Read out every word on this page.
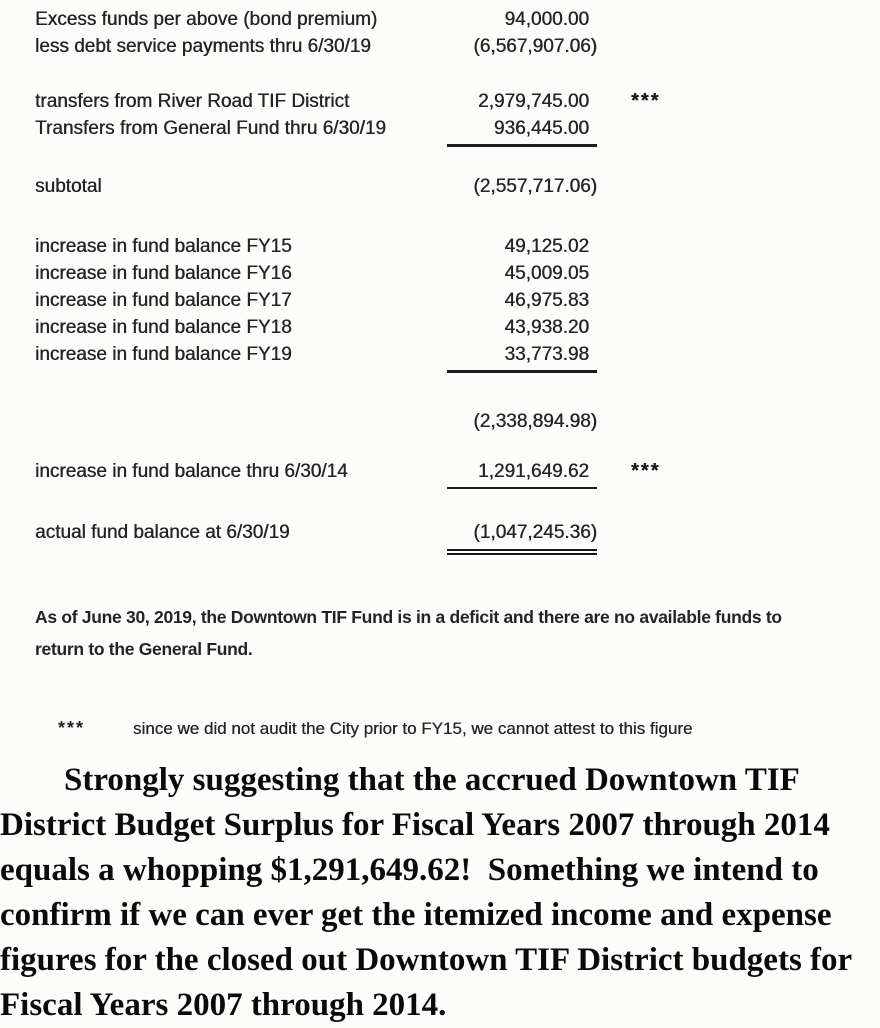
Excess funds per above (bond premium)	94,000.00
less debt service payments thru 6/30/19	(6,567,907.06)
transfers from River Road TIF District	2,979,745.00	***
Transfers from General Fund thru 6/30/19	936,445.00
subtotal	(2,557,717.06)
increase in fund balance FY15	49,125.02
increase in fund balance FY16	45,009.05
increase in fund balance FY17	46,975.83
increase in fund balance FY18	43,938.20
increase in fund balance FY19	33,773.98
(2,338,894.98)
increase in fund balance thru 6/30/14	1,291,649.62	***
actual fund balance at 6/30/19	(1,047,245.36)
As of June 30, 2019, the Downtown TIF Fund is in a deficit and there are no available funds to
return to the General Fund.
***	since we did not audit the City prior to FY15, we cannot attest to this figure
Strongly suggesting that the accrued Downtown TIF
District Budget Surplus for Fiscal Years 2007 through 2014
equals a whopping $1,291,649.62!  Something we intend to
confirm if we can ever get the itemized income and expense
figures for the closed out Downtown TIF District budgets for
Fiscal Years 2007 through 2014.
